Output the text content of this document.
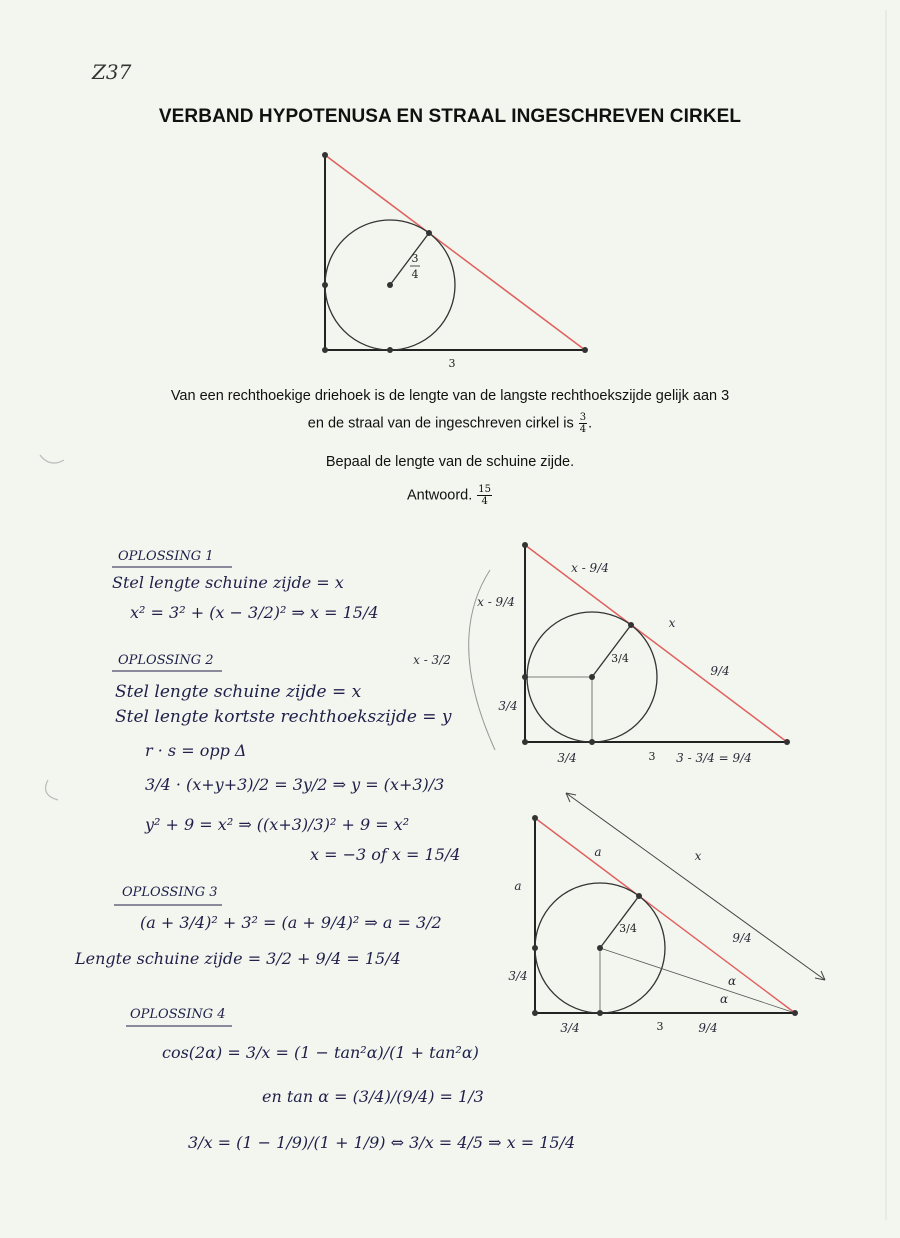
Z37
VERBAND HYPOTENUSA EN STRAAL INGESCHREVEN CIRKEL
Van een rechthoekige driehoek is de lengte van de langste rechthoekszijde gelijk aan 3
en de straal van de ingeschreven cirkel is $\frac{3}{4}$ .
Bepaal de lengte van de schuine zijde.
Antwoord. $\frac{15}{4}$
3
4
3
x - 9/4
x - 9/4
x
9/4
x - 3/2
3/4
3/4
3/4	3 3 - 3/4 = 9/4
a
a
x
9/4
3/4
3/4	α
α
3/4	3	9/4
OPLOSSING 1
Stel lengte schuine zijde = x
x² = 3² + (x − 3/2)² ⇒ x = 15/4
OPLOSSING 2
Stel lengte schuine zijde = x
Stel lengte kortste rechthoekszijde = y
r · s = opp Δ
3/4 · (x+y+3)/2 = 3y/2 ⇒ y = (x+3)/3
y² + 9 = x² ⇒ ((x+3)/3)² + 9 = x²
x = −3 of x = 15/4
OPLOSSING 3
(a + 3/4)² + 3² = (a + 9/4)² ⇒ a = 3/2
Lengte schuine zijde = 3/2 + 9/4 = 15/4
OPLOSSING 4
cos(2α) = 3/x = (1 − tan²α)/(1 + tan²α)
en tan α = (3/4)/(9/4) = 1/3
3/x = (1 − 1/9)/(1 + 1/9) ⇔ 3/x = 4/5 ⇒ x = 15/4
